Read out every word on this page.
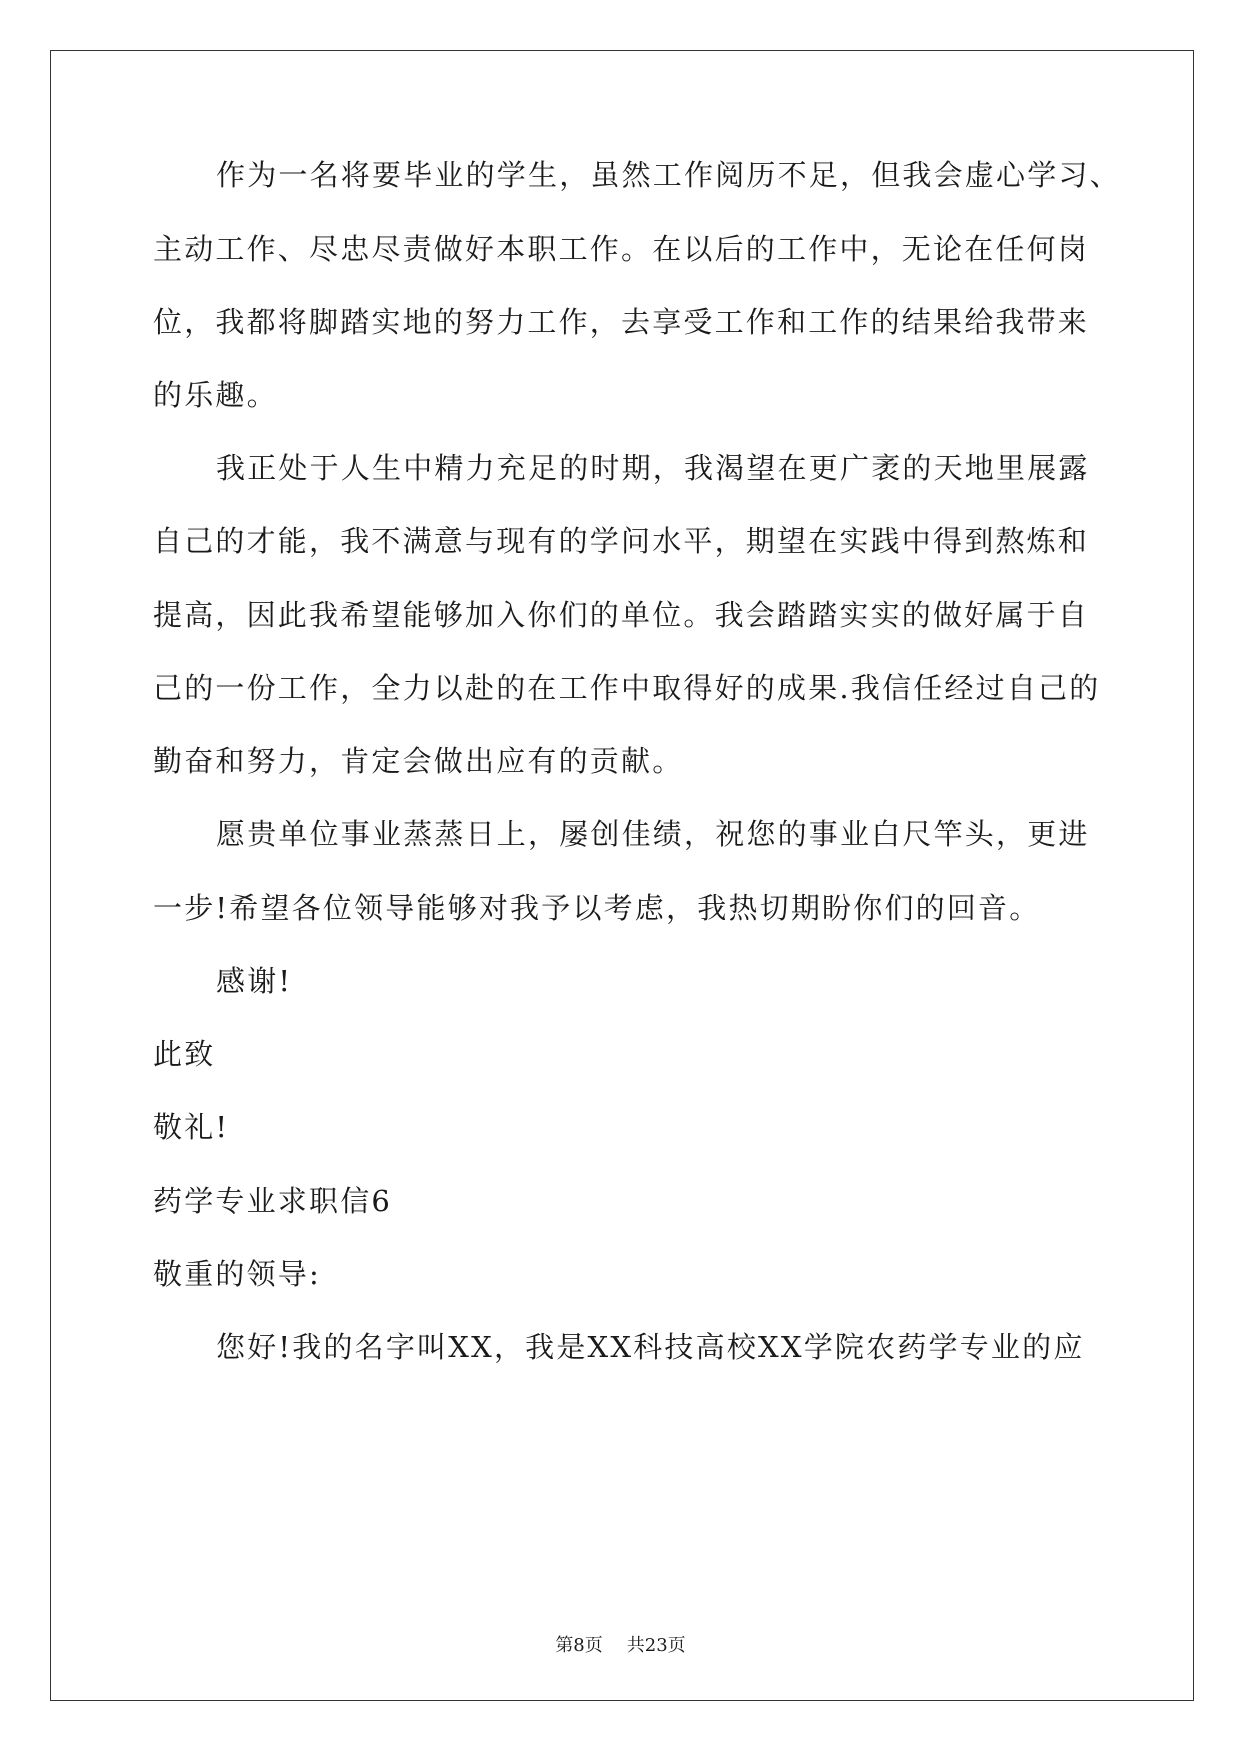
作为一名将要毕业的学生，虽然工作阅历不足，但我会虚心学习、
主动工作、尽忠尽责做好本职工作。在以后的工作中，无论在任何岗
位，我都将脚踏实地的努力工作，去享受工作和工作的结果给我带来
的乐趣。
我正处于人生中精力充足的时期，我渴望在更广袤的天地里展露
自己的才能，我不满意与现有的学问水平，期望在实践中得到熬炼和
提高，因此我希望能够加入你们的单位。我会踏踏实实的做好属于自
己的一份工作，全力以赴的在工作中取得好的成果.我信任经过自己的
勤奋和努力，肯定会做出应有的贡献。
愿贵单位事业蒸蒸日上，屡创佳绩，祝您的事业白尺竿头，更进
一步!希望各位领导能够对我予以考虑，我热切期盼你们的回音。
感谢!
此致
敬礼!
药学专业求职信6
敬重的领导:
您好!我的名字叫XX，我是XX科技高校XX学院农药学专业的应
第8页 共23页
